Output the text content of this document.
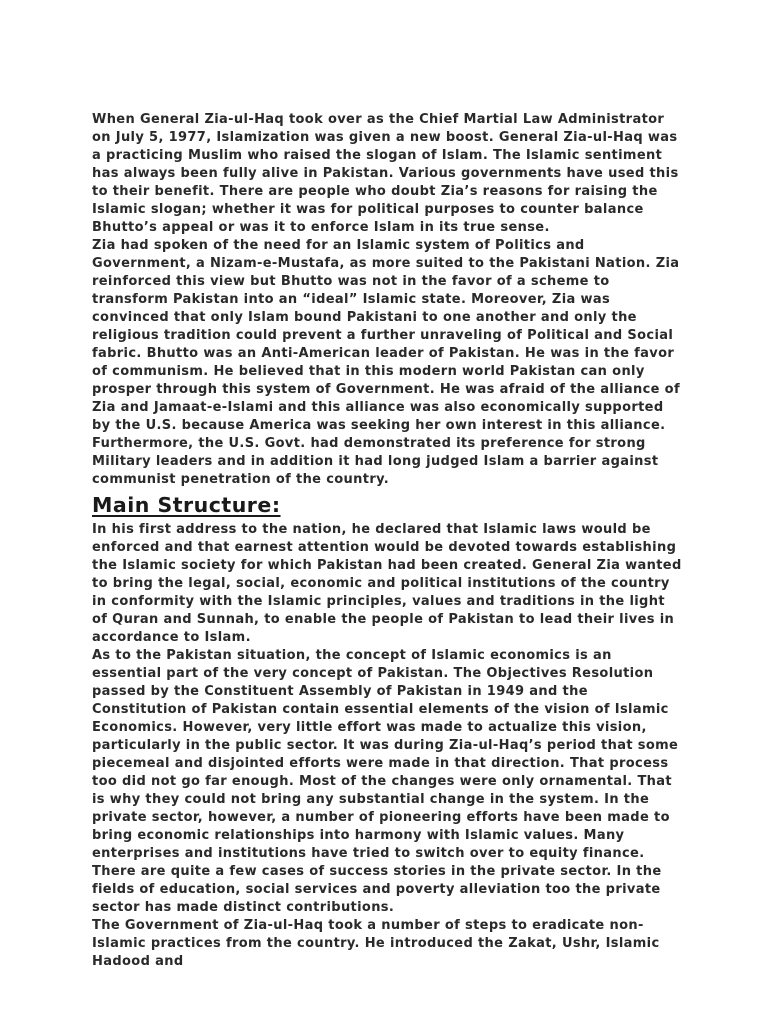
When General Zia-ul-Haq took over as the Chief Martial Law Administrator on July 5, 1977, Islamization was given a new boost. General Zia-ul-Haq was a practicing Muslim who raised the slogan of Islam. The Islamic sentiment has always been fully alive in Pakistan. Various governments have used this to their benefit. There are people who doubt Zia’s reasons for raising the Islamic slogan; whether it was for political purposes to counter balance Bhutto’s appeal or was it to enforce Islam in its true sense.

Zia had spoken of the need for an Islamic system of Politics and Government, a Nizam-e-Mustafa, as more suited to the Pakistani Nation. Zia reinforced this view but Bhutto was not in the favor of a scheme to transform Pakistan into an “ideal” Islamic state. Moreover, Zia was convinced that only Islam bound Pakistani to one another and only the religious tradition could prevent a further unraveling of Political and Social fabric. Bhutto was an Anti-American leader of Pakistan. He was in the favor of communism. He believed that in this modern world Pakistan can only prosper through this system of Government. He was afraid of the alliance of Zia and Jamaat-e-Islami and this alliance was also economically supported by the U.S. because America was seeking her own interest in this alliance. Furthermore, the U.S. Govt. had demonstrated its preference for strong Military leaders and in addition it had long judged Islam a barrier against communist penetration of the country.

Main Structure:

In his first address to the nation, he declared that Islamic laws would be enforced and that earnest attention would be devoted towards establishing the Islamic society for which Pakistan had been created. General Zia wanted to bring the legal, social, economic and political institutions of the country in conformity with the Islamic principles, values and traditions in the light of Quran and Sunnah, to enable the people of Pakistan to lead their lives in accordance to Islam.

As to the Pakistan situation, the concept of Islamic economics is an essential part of the very concept of Pakistan. The Objectives Resolution passed by the Constituent Assembly of Pakistan in 1949 and the Constitution of Pakistan contain essential elements of the vision of Islamic Economics. However, very little effort was made to actualize this vision, particularly in the public sector. It was during Zia-ul-Haq’s period that some piecemeal and disjointed efforts were made in that direction. That process too did not go far enough. Most of the changes were only ornamental. That is why they could not bring any substantial change in the system. In the private sector, however, a number of pioneering efforts have been made to bring economic relationships into harmony with Islamic values. Many enterprises and institutions have tried to switch over to equity finance. There are quite a few cases of success stories in the private sector. In the fields of education, social services and poverty alleviation too the private sector has made distinct contributions.

The Government of Zia-ul-Haq took a number of steps to eradicate non-Islamic practices from the country. He introduced the Zakat, Ushr, Islamic Hadood and
